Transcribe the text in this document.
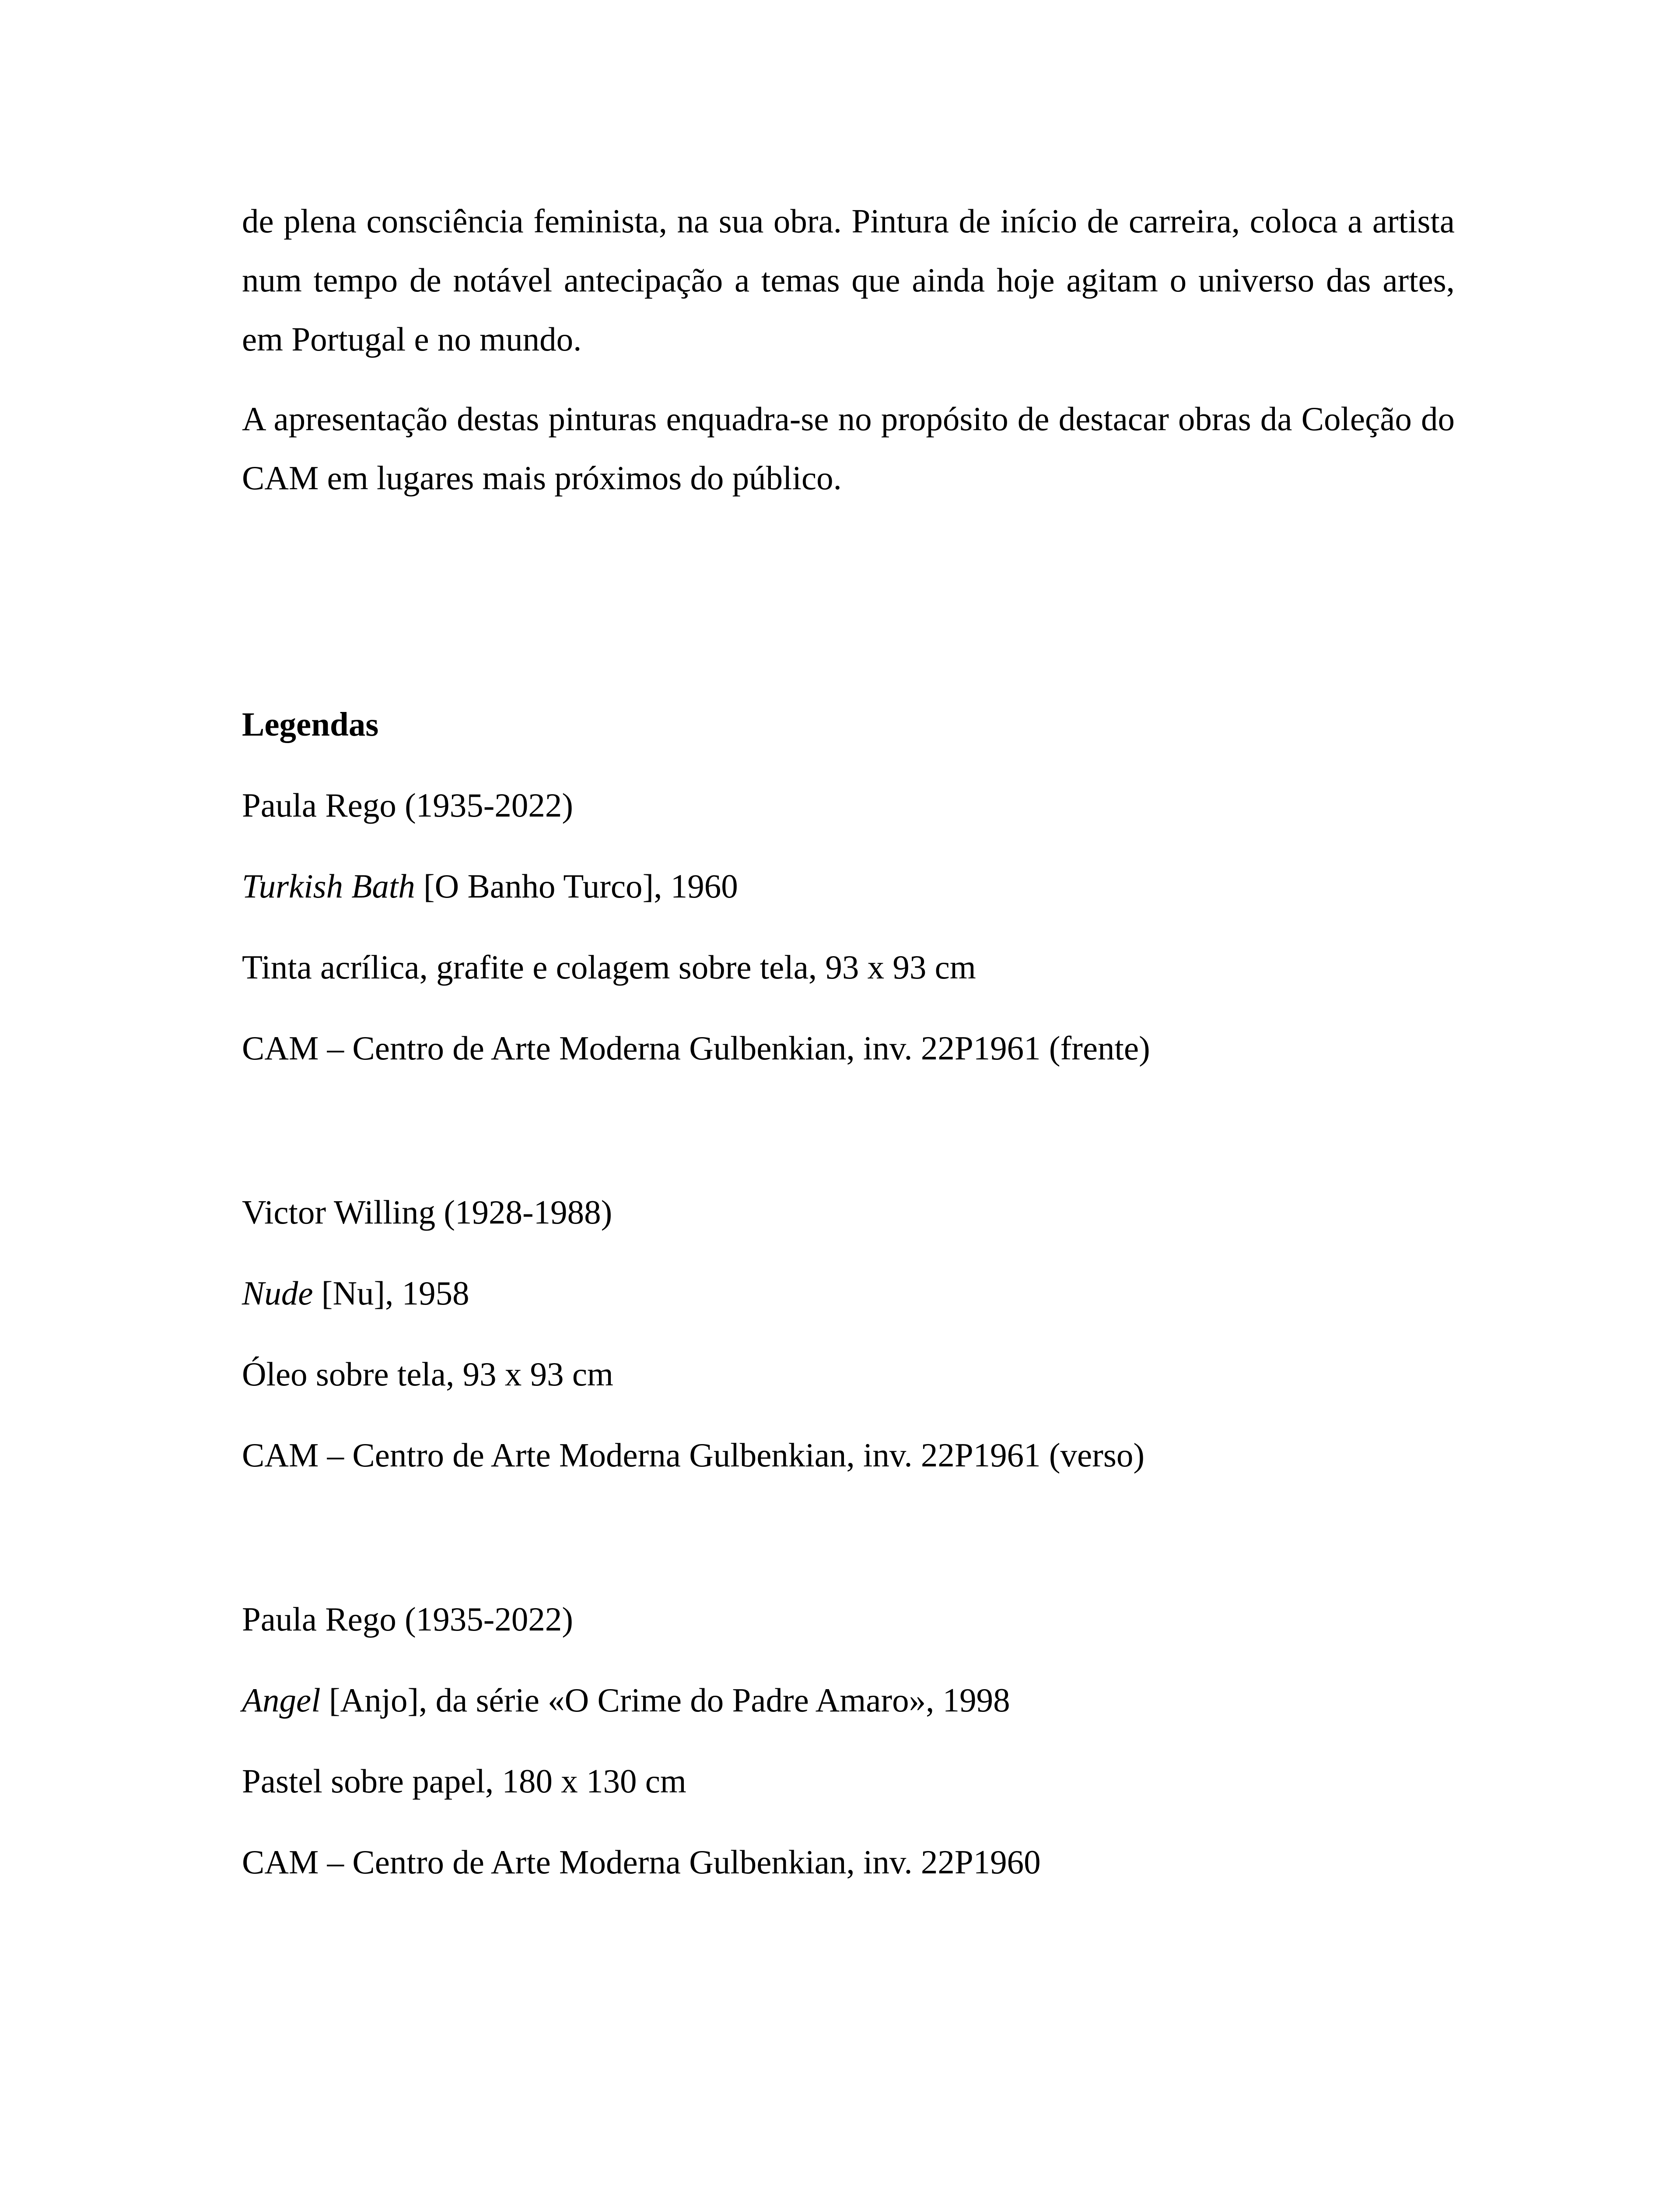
de plena consciência feminista, na sua obra. Pintura de início de carreira, coloca a artista num tempo de notável antecipação a temas que ainda hoje agitam o universo das artes, em Portugal e no mundo.

A apresentação destas pinturas enquadra-se no propósito de destacar obras da Coleção do CAM em lugares mais próximos do público.

Legendas
Paula Rego (1935-2022)
Turkish Bath [O Banho Turco], 1960
Tinta acrílica, grafite e colagem sobre tela, 93 x 93 cm
CAM – Centro de Arte Moderna Gulbenkian, inv. 22P1961 (frente)
Victor Willing (1928-1988)
Nude [Nu], 1958
Óleo sobre tela, 93 x 93 cm
CAM – Centro de Arte Moderna Gulbenkian, inv. 22P1961 (verso)
Paula Rego (1935-2022)
Angel [Anjo], da série «O Crime do Padre Amaro», 1998
Pastel sobre papel, 180 x 130 cm
CAM – Centro de Arte Moderna Gulbenkian, inv. 22P1960
